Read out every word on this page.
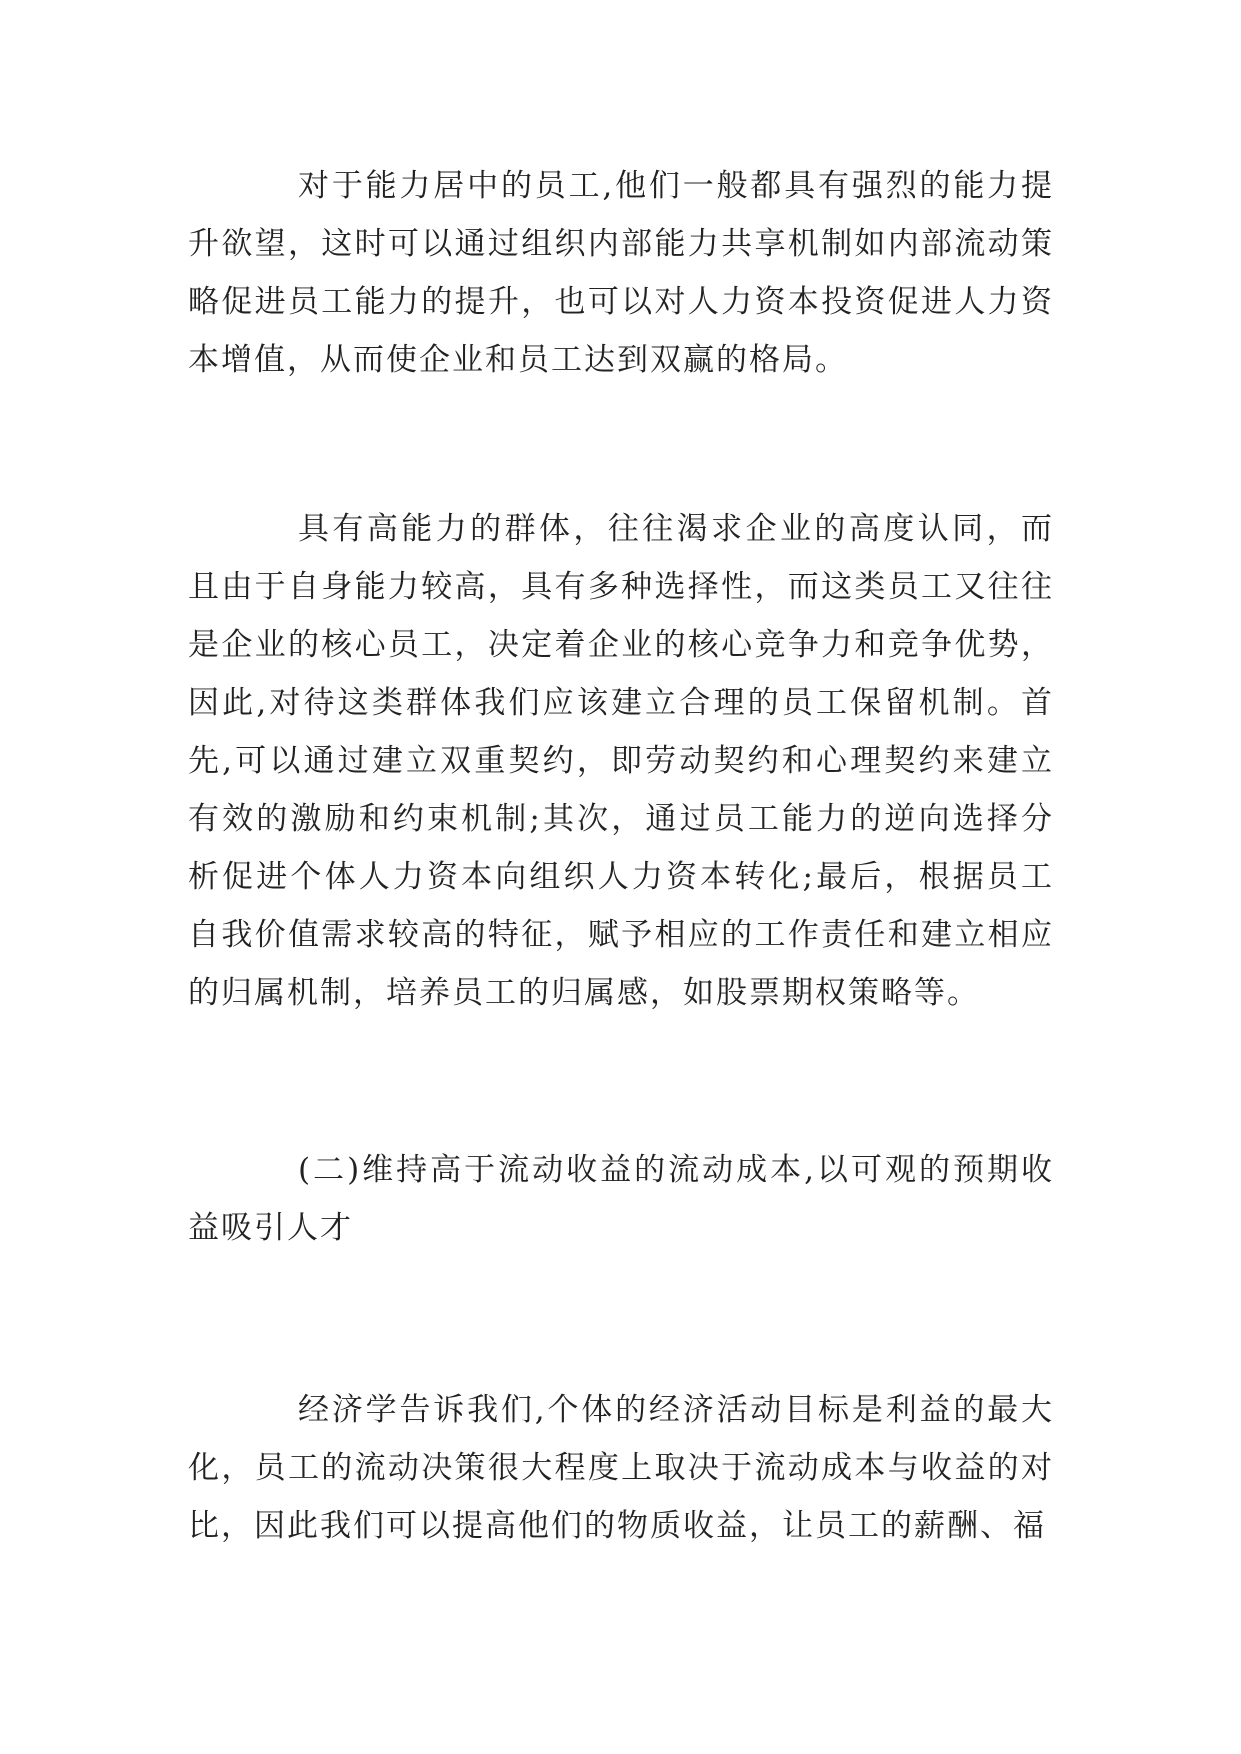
对于能力居中的员工,他们一般都具有强烈的能力提升欲望，这时可以通过组织内部能力共享机制如内部流动策略促进员工能力的提升，也可以对人力资本投资促进人力资本增值，从而使企业和员工达到双赢的格局。

具有高能力的群体，往往渴求企业的高度认同，而且由于自身能力较高，具有多种选择性，而这类员工又往往是企业的核心员工，决定着企业的核心竞争力和竞争优势，因此,对待这类群体我们应该建立合理的员工保留机制。首先,可以通过建立双重契约，即劳动契约和心理契约来建立有效的激励和约束机制;其次，通过员工能力的逆向选择分析促进个体人力资本向组织人力资本转化;最后，根据员工自我价值需求较高的特征，赋予相应的工作责任和建立相应的归属机制，培养员工的归属感，如股票期权策略等。

(二)维持高于流动收益的流动成本,以可观的预期收益吸引人才

经济学告诉我们,个体的经济活动目标是利益的最大化，员工的流动决策很大程度上取决于流动成本与收益的对比，因此我们可以提高他们的物质收益，让员工的薪酬、福
